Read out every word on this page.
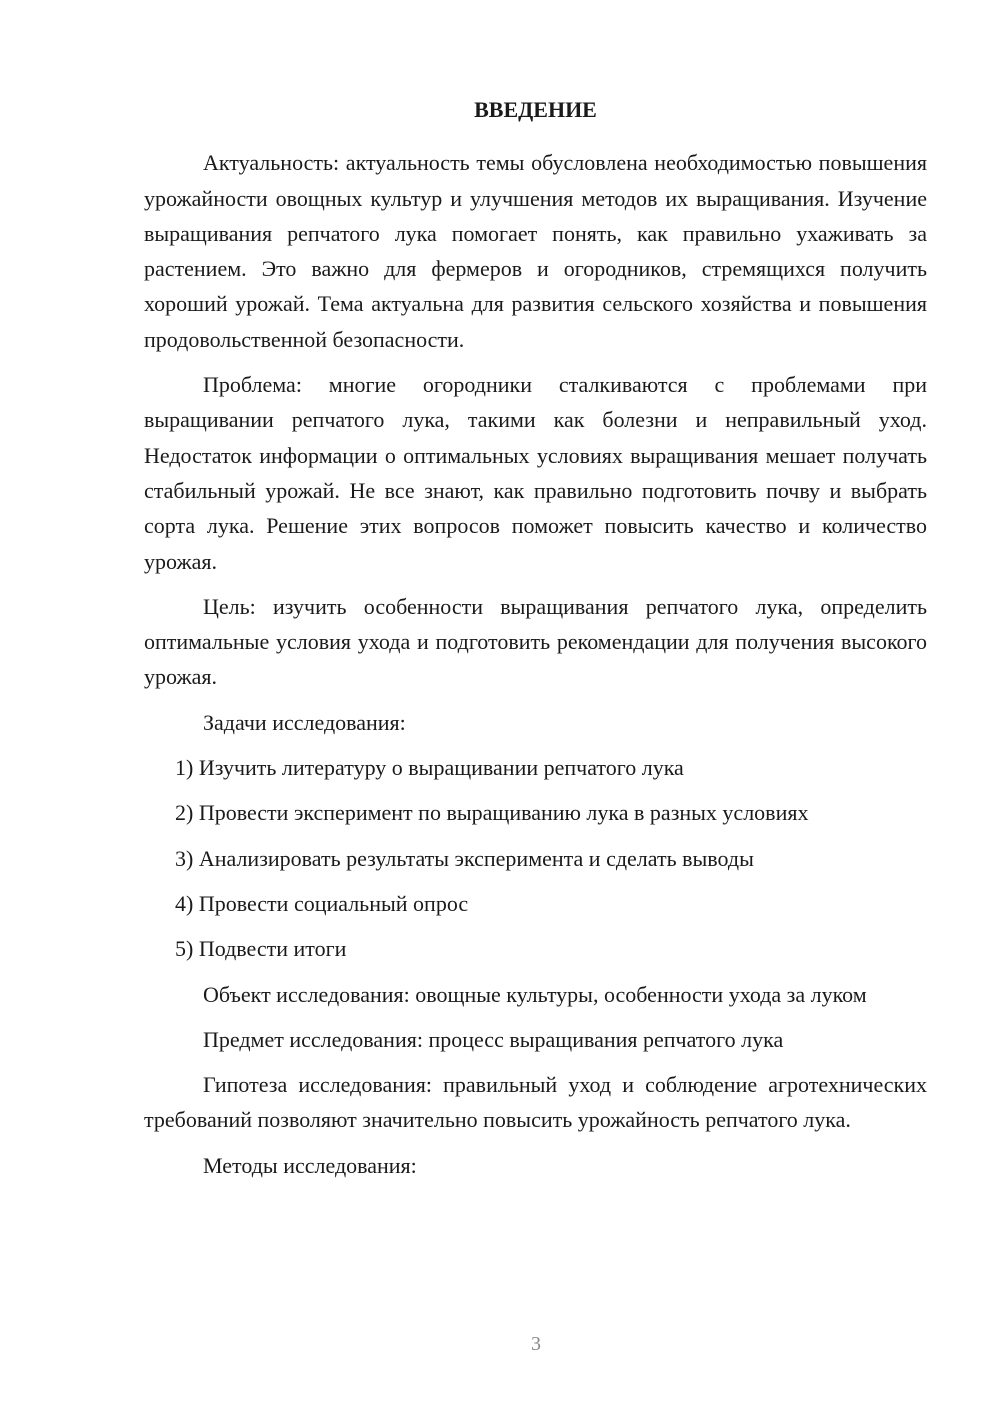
ВВЕДЕНИЕ

Актуальность: актуальность темы обусловлена необходимостью повышения урожайности овощных культур и улучшения методов их выращивания. Изучение выращивания репчатого лука помогает понять, как правильно ухаживать за растением. Это важно для фермеров и огородников, стремящихся получить хороший урожай. Тема актуальна для развития сельского хозяйства и повышения продовольственной безопасности.

Проблема: многие огородники сталкиваются с проблемами при выращивании репчатого лука, такими как болезни и неправильный уход. Недостаток информации о оптимальных условиях выращивания мешает получать стабильный урожай. Не все знают, как правильно подготовить почву и выбрать сорта лука. Решение этих вопросов поможет повысить качество и количество урожая.

Цель: изучить особенности выращивания репчатого лука, определить оптимальные условия ухода и подготовить рекомендации для получения высокого урожая.

Задачи исследования:

1) Изучить литературу о выращивании репчатого лука
2) Провести эксперимент по выращиванию лука в разных условиях
3) Анализировать результаты эксперимента и сделать выводы
4) Провести социальный опрос
5) Подвести итоги

Объект исследования: овощные культуры, особенности ухода за луком

Предмет исследования: процесс выращивания репчатого лука

Гипотеза исследования: правильный уход и соблюдение агротехнических требований позволяют значительно повысить урожайность репчатого лука.

Методы исследования:

3
